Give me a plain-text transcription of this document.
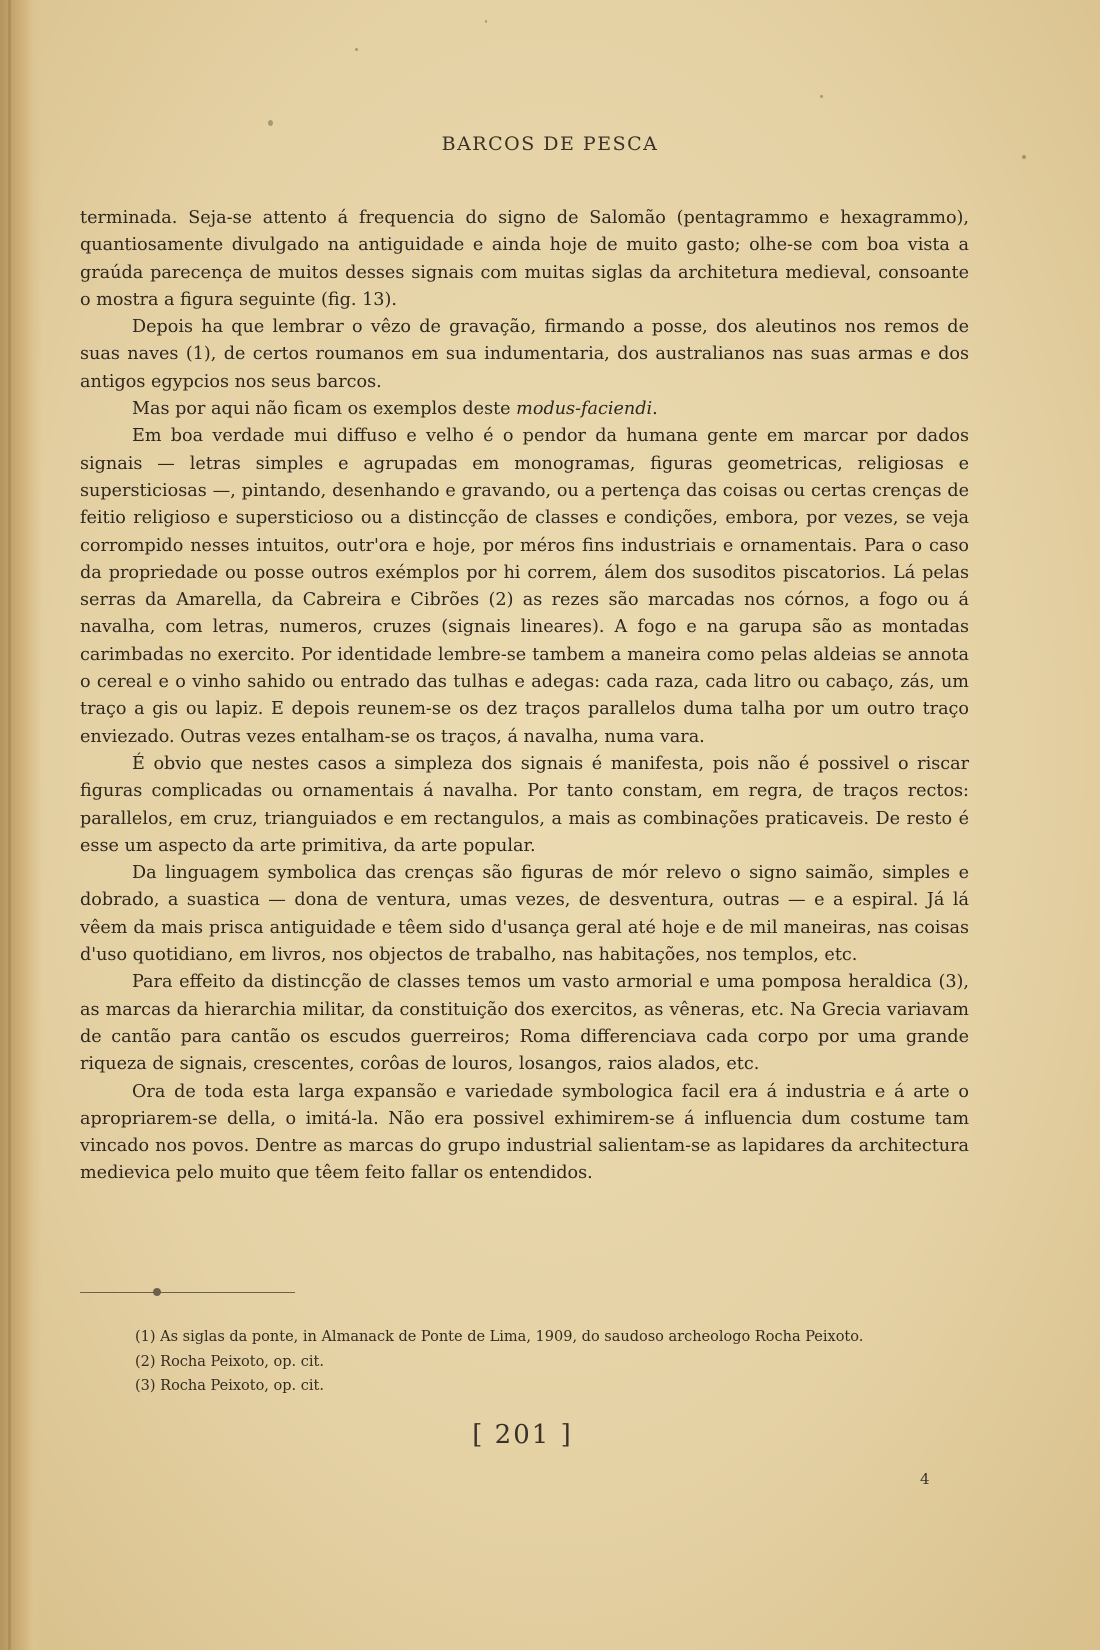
BARCOS DE PESCA

terminada. Seja-se attento á frequencia do signo de Salomão (pentagrammo e hexagrammo), quantiosamente divulgado na antiguidade e ainda hoje de muito gasto; olhe-se com boa vista a graúda parecença de muitos desses signais com muitas siglas da architetura medieval, consoante o mostra a figura seguinte (fig. 13).

Depois ha que lembrar o vêzo de gravação, firmando a posse, dos aleutinos nos remos de suas naves (1), de certos roumanos em sua indumentaria, dos australianos nas suas armas e dos antigos egypcios nos seus barcos.

Mas por aqui não ficam os exemplos deste modus-faciendi.

Em boa verdade mui diffuso e velho é o pendor da humana gente em marcar por dados signais — letras simples e agrupadas em monogramas, figuras geometricas, religiosas e supersticiosas —, pintando, desenhando e gravando, ou a pertença das coisas ou certas crenças de feitio religioso e supersticioso ou a distincção de classes e condições, embora, por vezes, se veja corrompido nesses intuitos, outr'ora e hoje, por méros fins industriais e ornamentais. Para o caso da propriedade ou posse outros exémplos por hi correm, álem dos susoditos piscatorios. Lá pelas serras da Amarella, da Cabreira e Cibrões (2) as rezes são marcadas nos córnos, a fogo ou á navalha, com letras, numeros, cruzes (signais lineares). A fogo e na garupa são as montadas carimbadas no exercito. Por identidade lembre-se tambem a maneira como pelas aldeias se annota o cereal e o vinho sahido ou entrado das tulhas e adegas: cada raza, cada litro ou cabaço, zás, um traço a gis ou lapiz. E depois reunem-se os dez traços parallelos duma talha por um outro traço enviezado. Outras vezes entalham-se os traços, á navalha, numa vara.

É obvio que nestes casos a simpleza dos signais é manifesta, pois não é possivel o riscar figuras complicadas ou ornamentais á navalha. Por tanto constam, em regra, de traços rectos: parallelos, em cruz, trianguiados e em rectangulos, a mais as combinações praticaveis. De resto é esse um aspecto da arte primitiva, da arte popular.

Da linguagem symbolica das crenças são figuras de mór relevo o signo saimão, simples e dobrado, a suastica — dona de ventura, umas vezes, de desventura, outras — e a espiral. Já lá vêem da mais prisca antiguidade e têem sido d'usança geral até hoje e de mil maneiras, nas coisas d'uso quotidiano, em livros, nos objectos de trabalho, nas habitações, nos templos, etc.

Para effeito da distincção de classes temos um vasto armorial e uma pomposa heraldica (3), as marcas da hierarchia militar, da constituição dos exercitos, as vêneras, etc. Na Grecia variavam de cantão para cantão os escudos guerreiros; Roma differenciava cada corpo por uma grande riqueza de signais, crescentes, corôas de louros, losangos, raios alados, etc.

Ora de toda esta larga expansão e variedade symbologica facil era á industria e á arte o apropriarem-se della, o imitá-la. Não era possivel exhimirem-se á influencia dum costume tam vincado nos povos. Dentre as marcas do grupo industrial salientam-se as lapidares da architectura medievica pelo muito que têem feito fallar os entendidos.

(1) As siglas da ponte, in Almanack de Ponte de Lima, 1909, do saudoso archeologo Rocha Peixoto.
(2) Rocha Peixoto, op. cit.
(3) Rocha Peixoto, op. cit.
[ 201 ]
4
